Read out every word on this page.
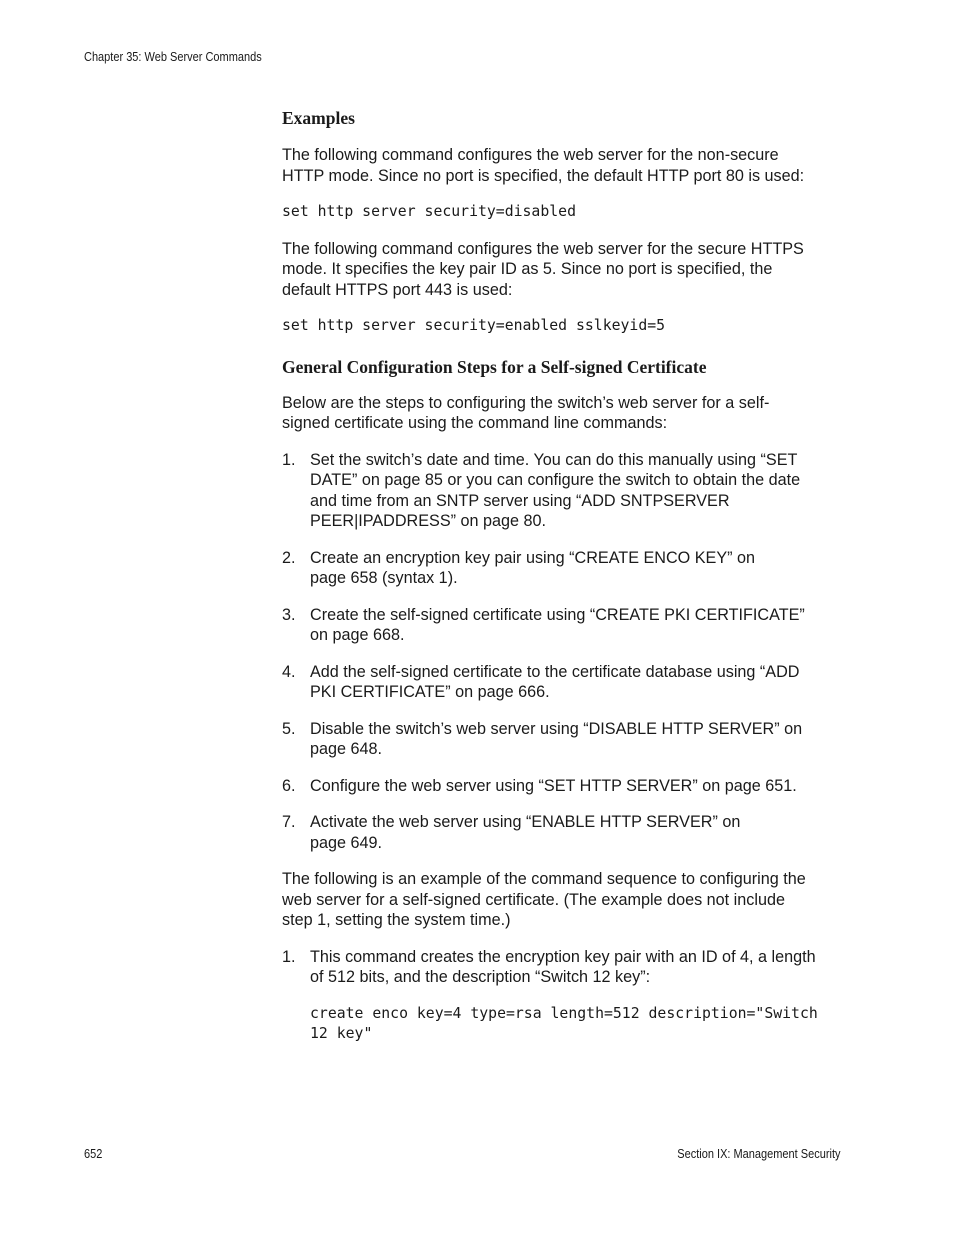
Chapter 35: Web Server Commands
Examples

The following command configures the web server for the non-secure
HTTP mode. Since no port is specified, the default HTTP port 80 is used:

set http server security=disabled

The following command configures the web server for the secure HTTPS
mode. It specifies the key pair ID as 5. Since no port is specified, the
default HTTPS port 443 is used:

set http server security=enabled sslkeyid=5

General Configuration Steps for a Self-signed Certificate

Below are the steps to configuring the switch’s web server for a self-
signed certificate using the command line commands:

1. Set the switch’s date and time. You can do this manually using “SET
DATE” on page 85 or you can configure the switch to obtain the date
and time from an SNTP server using “ADD SNTPSERVER
PEER|IPADDRESS” on page 80.
2. Create an encryption key pair using “CREATE ENCO KEY” on
page 658 (syntax 1).
3. Create the self-signed certificate using “CREATE PKI CERTIFICATE”
on page 668.
4. Add the self-signed certificate to the certificate database using “ADD
PKI CERTIFICATE” on page 666.
5. Disable the switch’s web server using “DISABLE HTTP SERVER” on
page 648.
6. Configure the web server using “SET HTTP SERVER” on page 651.
7. Activate the web server using “ENABLE HTTP SERVER” on
page 649.

The following is an example of the command sequence to configuring the
web server for a self-signed certificate. (The example does not include
step 1, setting the system time.)

1. This command creates the encryption key pair with an ID of 4, a length
of 512 bits, and the description “Switch 12 key”:
create enco key=4 type=rsa length=512 description="Switch
12 key"
652	Section IX: Management Security
